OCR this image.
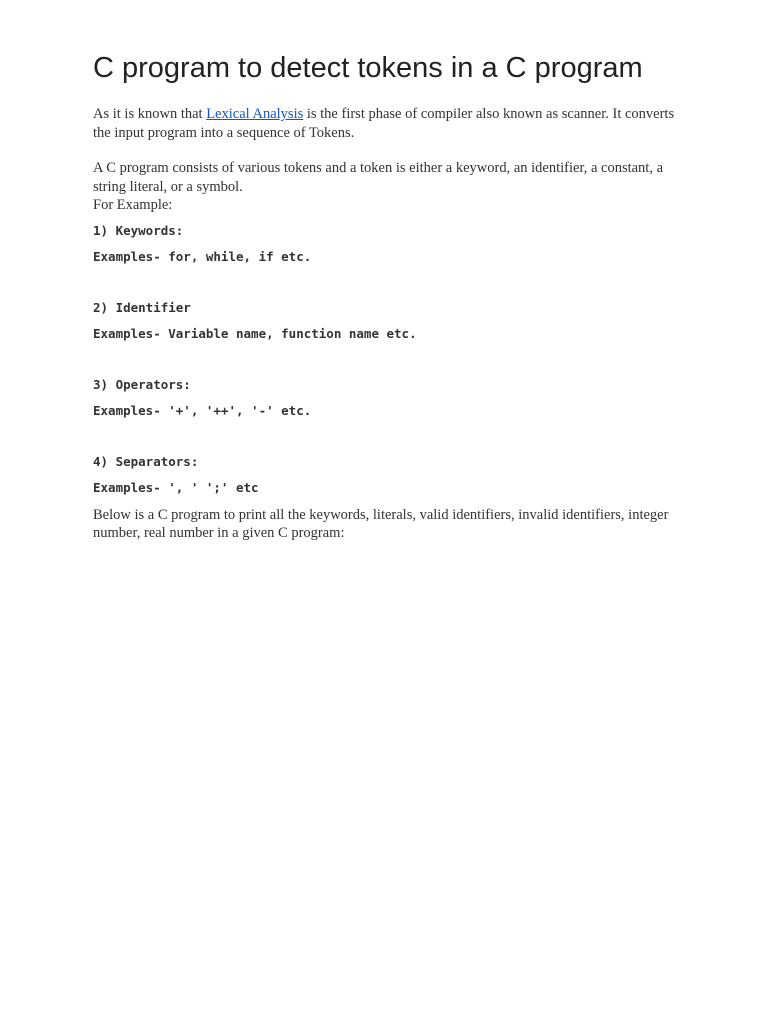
C program to detect tokens in a C program

As it is known that Lexical Analysis is the first phase of compiler also known as scanner. It converts the input program into a sequence of Tokens.

A C program consists of various tokens and a token is either a keyword, an identifier, a constant, a string literal, or a symbol.

For Example:

1) Keywords:
Examples- for, while, if etc.
2) Identifier
Examples- Variable name, function name etc.
3) Operators:
Examples- '+', '++', '-' etc.
4) Separators:
Examples- ', ' ';' etc

Below is a C program to print all the keywords, literals, valid identifiers, invalid identifiers, integer number, real number in a given C program:
